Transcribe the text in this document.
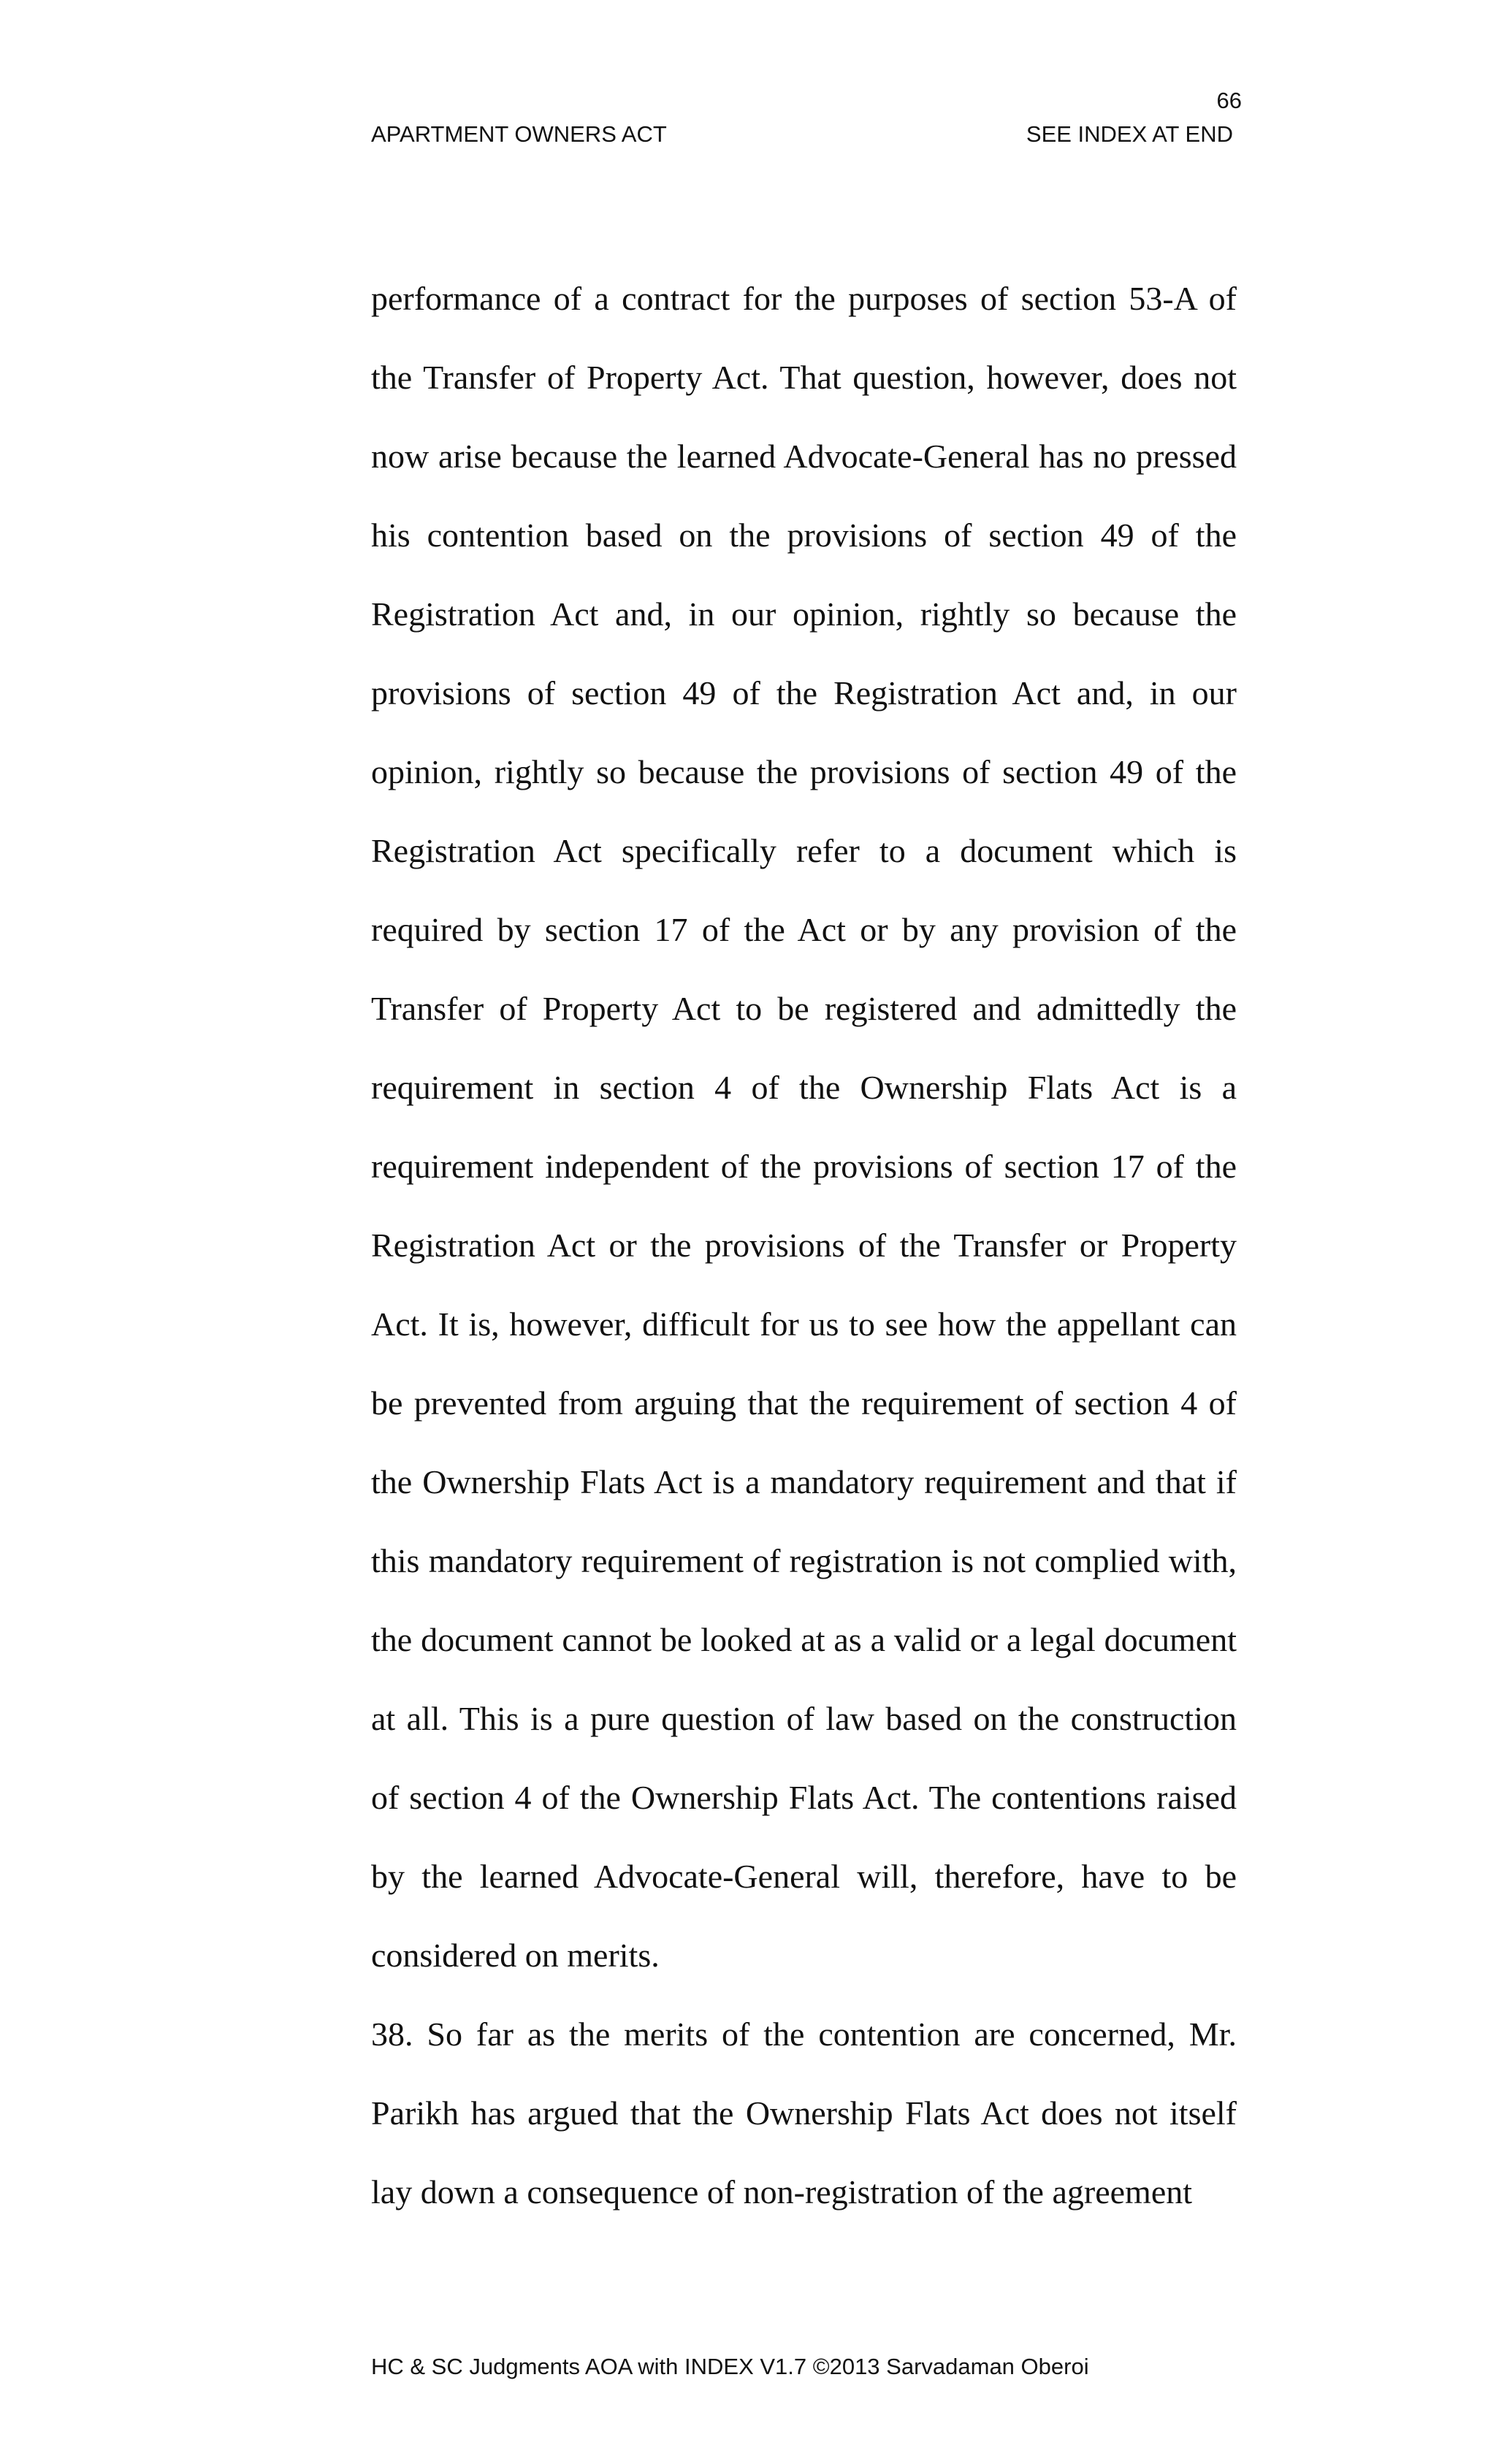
66
APARTMENT OWNERS ACT	SEE INDEX AT END

performance of a contract for the purposes of section 53-A of the Transfer of Property Act. That question, however, does not now arise because the learned Advocate-General has no pressed his contention based on the provisions of section 49 of the Registration Act and, in our opinion, rightly so because the provisions of section 49 of the Registration Act and, in our opinion, rightly so because the provisions of section 49 of the Registration Act specifically refer to a document which is required by section 17 of the Act or by any provision of the Transfer of Property Act to be registered and admittedly the requirement in section 4 of the Ownership Flats Act is a requirement independent of the provisions of section 17 of the Registration Act or the provisions of the Transfer or Property Act. It is, however, difficult for us to see how the appellant can be prevented from arguing that the requirement of section 4 of the Ownership Flats Act is a mandatory requirement and that if this mandatory requirement of registration is not complied with, the document cannot be looked at as a valid or a legal document at all. This is a pure question of law based on the construction of section 4 of the Ownership Flats Act. The contentions raised by the learned Advocate-General will, therefore, have to be considered on merits.

38. So far as the merits of the contention are concerned, Mr. Parikh has argued that the Ownership Flats Act does not itself lay down a consequence of non-registration of the agreement

HC & SC Judgments AOA with INDEX V1.7 ©2013 Sarvadaman Oberoi
